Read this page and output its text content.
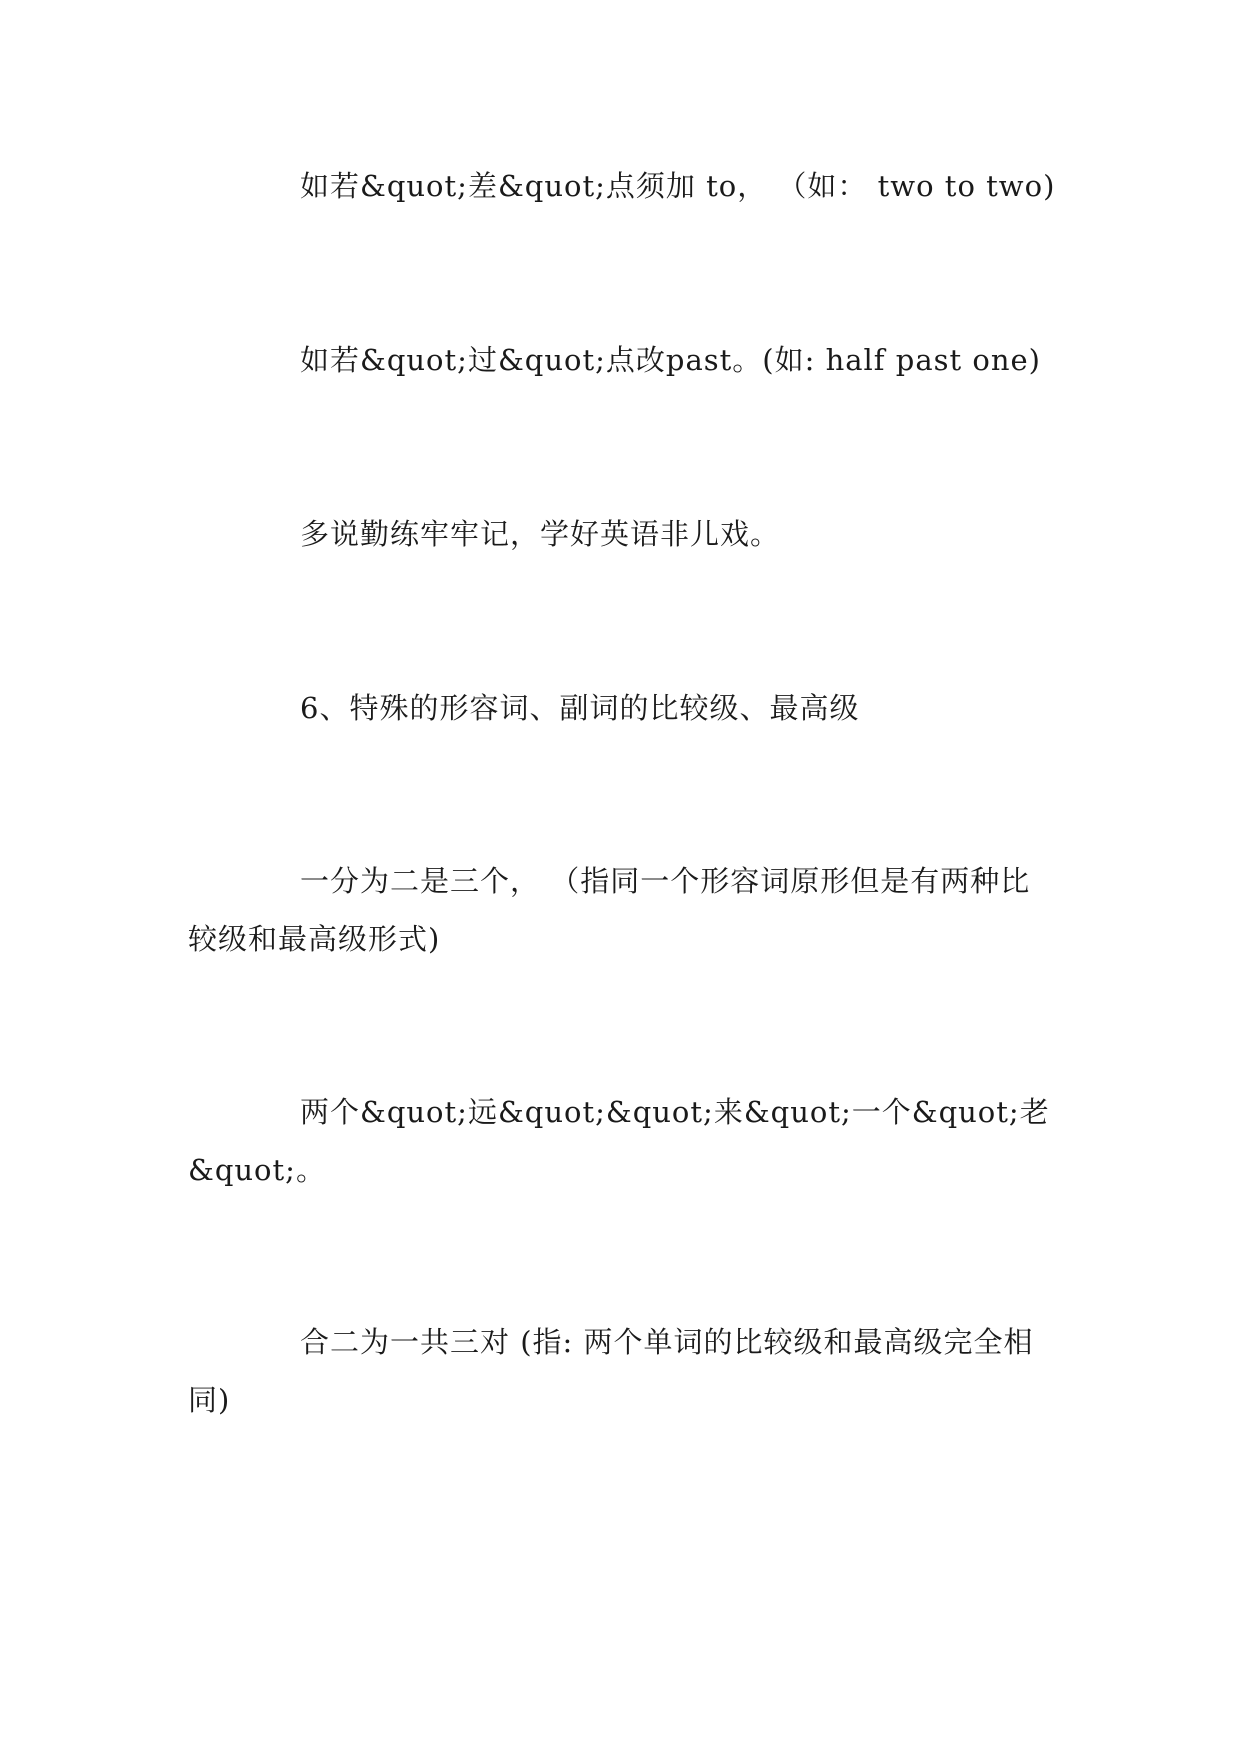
如若&quot;差&quot;点须加 to， （如： two to two)

如若&quot;过&quot;点改past。(如: half past one)

多说勤练牢牢记，学好英语非儿戏。

6、特殊的形容词、副词的比较级、最高级

一分为二是三个， （指同一个形容词原形但是有两种比较级和最高级形式)

两个&quot;远&quot;&quot;来&quot;一个&quot;老&quot;。

合二为一共三对 (指: 两个单词的比较级和最高级完全相同)
